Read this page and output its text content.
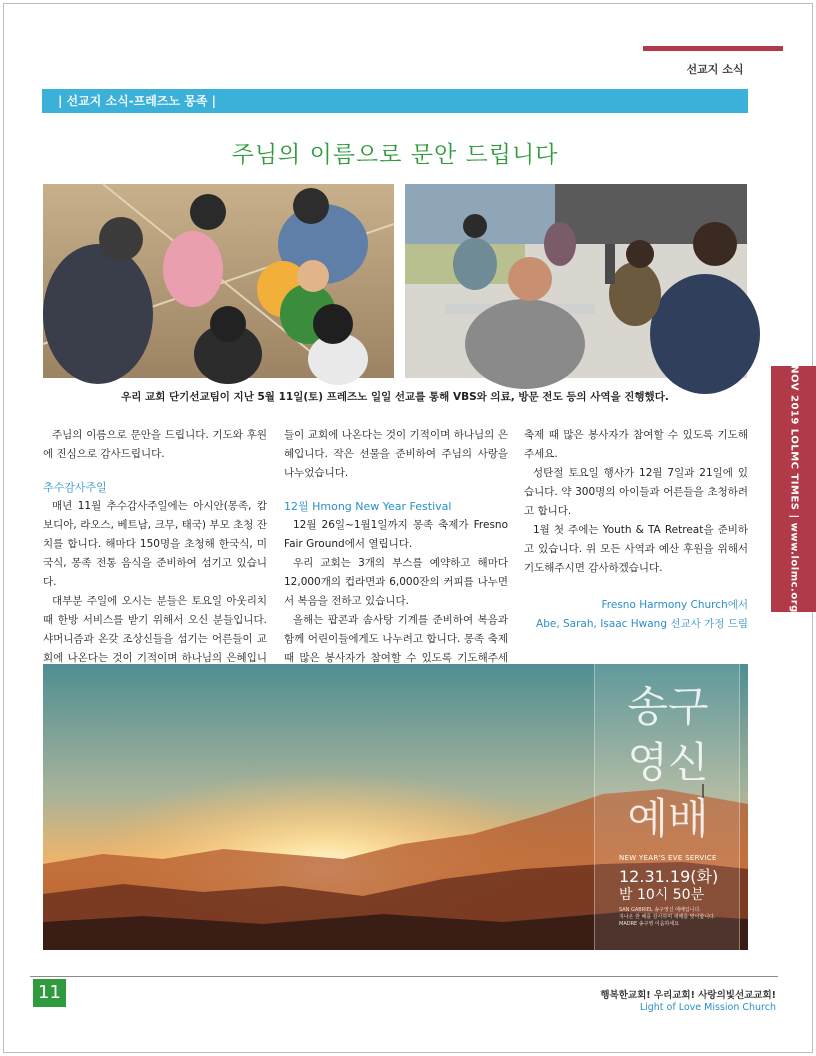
선교지 소식
| 선교지 소식-프레즈노 몽족 |
주님의 이름으로 문안 드립니다
우리 교회 단기선교팀이 지난 5월 11일(토) 프레즈노 일일 선교를 통해 VBS와 의료, 방문 전도 등의 사역을 진행했다.

주님의 이름으로 문안을 드립니다. 기도와 후원에 진심으로 감사드립니다.

추수감사주일

매년 11월 추수감사주일에는 아시안(몽족, 캄보디아, 라오스, 베트남, 크무, 태국) 부모 초청 잔치를 합니다. 해마다 150명을 초청해 한국식, 미국식, 몽족 전통 음식을 준비하여 섬기고 있습니다.

대부분 주일에 오시는 분들은 토요일 아웃리치 때 한방 서비스를 받기 위해서 오신 분들입니다. 샤머니즘과 온갖 조상신들을 섬기는 어른들이 교회에 나온다는 것이 기적이며 하나님의 은혜입니

들이 교회에 나온다는 것이 기적이며 하나님의 은혜입니다. 작은 선물을 준비하여 주님의 사랑을 나누었습니다.

12월 Hmong New Year Festival

12월 26일~1월1일까지 몽족 축제가 Fresno Fair Ground에서 열립니다.

우리 교회는 3개의 부스를 예약하고 해마다 12,000개의 컵라면과 6,000잔의 커피를 나누면서 복음을 전하고 있습니다.

올해는 팝콘과 솜사탕 기계를 준비하여 복음과 함께 어린이들에게도 나누려고 합니다. 몽족 축제 때 많은 봉사자가 참여할 수 있도록 기도해주세

축제 때 많은 봉사자가 참여할 수 있도록 기도해주세요.

성탄절 토요일 행사가 12월 7일과 21일에 있습니다. 약 300명의 아이들과 어른들을 초청하려고 합니다.

1월 첫 주에는 Youth & TA Retreat을 준비하고 있습니다. 위 모든 사역과 예산 후원을 위해서 기도해주시면 감사하겠습니다.

Fresno Harmony Church에서
Abe, Sarah, Isaac Hwang 선교사 가정 드림
NOV 2019 LOLMC TIMES | www.lolmc.org
송구
영신
예배
NEW YEAR'S EVE SERVICE
12.31.19(화)
밤 10시 50분
SAN GABRIEL 송구영신 예배입니다.
지나온 한 해를 감사하며 새해를 맞이합니다.
MADRE 송구영 이음하세요
11	행복한교회! 우리교회! 사랑의빛선교교회!
Light of Love Mission Church
